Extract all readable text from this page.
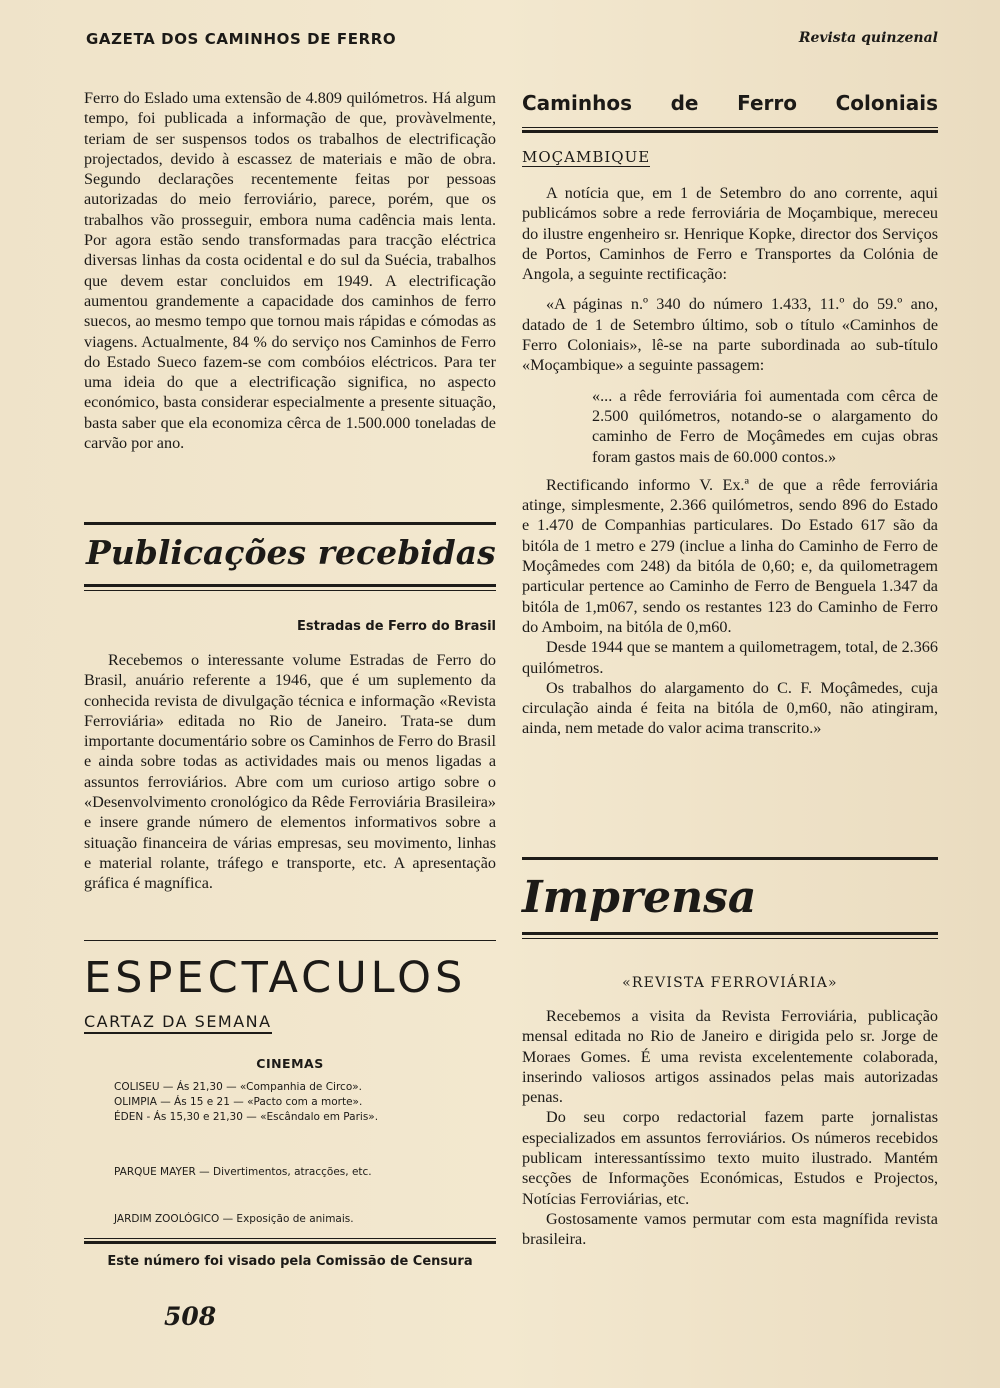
GAZETA DOS CAMINHOS DE FERRO	Revista quinzenal

Ferro do Eslado uma extensão de 4.809 quilómetros. Há algum tempo, foi publicada a informação de que, provàvelmente, teriam de ser suspensos todos os trabalhos de electrificação projectados, devido à escassez de materiais e mão de obra. Segundo declarações recentemente feitas por pessoas autorizadas do meio ferroviário, parece, porém, que os trabalhos vão prosseguir, embora numa cadência mais lenta. Por agora estão sendo transformadas para tracção eléctrica diversas linhas da costa ocidental e do sul da Suécia, trabalhos que devem estar concluidos em 1949. A electrificação aumentou grandemente a capacidade dos caminhos de ferro suecos, ao mesmo tempo que tornou mais rápidas e cómodas as viagens. Actualmente, 84 % do serviço nos Caminhos de Ferro do Estado Sueco fazem-se com combóios eléctricos. Para ter uma ideia do que a electrificação significa, no aspecto económico, basta considerar especialmente a presente situação, basta saber que ela economiza cêrca de 1.500.000 toneladas de carvão por ano.

Publicações recebidas
Estradas de Ferro do Brasil

Recebemos o interessante volume Estradas de Ferro do Brasil, anuário referente a 1946, que é um suplemento da conhecida revista de divulgação técnica e informação «Revista Ferroviária» editada no Rio de Janeiro. Trata-se dum importante documentário sobre os Caminhos de Ferro do Brasil e ainda sobre todas as actividades mais ou menos ligadas a assuntos ferroviários. Abre com um curioso artigo sobre o «Desenvolvimento cronológico da Rêde Ferroviária Brasileira» e insere grande número de elementos informativos sobre a situação financeira de várias empresas, seu movimento, linhas e material rolante, tráfego e transporte, etc. A apresentação gráfica é magnífica.

ESPECTACULOS
CARTAZ DA SEMANA
CINEMAS
COLISEU — Ás 21,30 — «Companhia de Circo».
OLIMPIA — Ás 15 e 21 — «Pacto com a morte».
ÉDEN - Ás 15,30 e 21,30 — «Escândalo em Paris».
PARQUE MAYER — Divertimentos, atracções, etc.
JARDIM ZOOLÓGICO — Exposição de animais.
Este número foi visado pela Comissão de Censura
508
Caminhos de Ferro Coloniais
MOÇAMBIQUE

A notícia que, em 1 de Setembro do ano corrente, aqui publicámos sobre a rede ferroviária de Moçambique, mereceu do ilustre engenheiro sr. Henrique Kopke, director dos Serviços de Portos, Caminhos de Ferro e Transportes da Colónia de Angola, a seguinte rectificação:

«A páginas n.º 340 do número 1.433, 11.º do 59.º ano, datado de 1 de Setembro último, sob o título «Caminhos de Ferro Coloniais», lê-se na parte subordinada ao sub-título «Moçambique» a seguinte passagem:

«... a rêde ferroviária foi aumentada com cêrca de 2.500 quilómetros, notando-se o alargamento do caminho de Ferro de Moçâmedes em cujas obras foram gastos mais de 60.000 contos.»

Rectificando informo V. Ex.ª de que a rêde ferroviária atinge, simplesmente, 2.366 quilómetros, sendo 896 do Estado e 1.470 de Companhias particulares. Do Estado 617 são da bitóla de 1 metro e 279 (inclue a linha do Caminho de Ferro de Moçâmedes com 248) da bitóla de 0,60; e, da quilometragem particular pertence ao Caminho de Ferro de Benguela 1.347 da bitóla de 1,m067, sendo os restantes 123 do Caminho de Ferro do Amboim, na bitóla de 0,m60.

Desde 1944 que se mantem a quilometragem, total, de 2.366 quilómetros.

Os trabalhos do alargamento do C. F. Moçâmedes, cuja circulação ainda é feita na bitóla de 0,m60, não atingiram, ainda, nem metade do valor acima transcrito.»

Imprensa
«REVISTA FERROVIÁRIA»

Recebemos a visita da Revista Ferroviária, publicação mensal editada no Rio de Janeiro e dirigida pelo sr. Jorge de Moraes Gomes. É uma revista excelentemente colaborada, inserindo valiosos artigos assinados pelas mais autorizadas penas.

Do seu corpo redactorial fazem parte jornalistas especializados em assuntos ferroviários. Os números recebidos publicam interessantíssimo texto muito ilustrado. Mantém secções de Informações Económicas, Estudos e Projectos, Notícias Ferroviárias, etc.

Gostosamente vamos permutar com esta magnífida revista brasileira.
